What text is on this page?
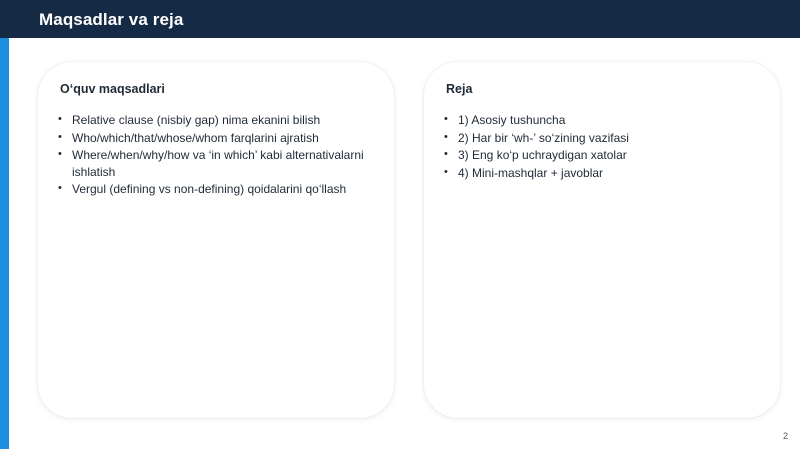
Maqsadlar va reja
O‘quv maqsadlari
• Relative clause (nisbiy gap) nima ekanini bilish
• Who/which/that/whose/whom farqlarini ajratish
• Where/when/why/how va ‘in which’ kabi alternativalarni ishlatish
• Vergul (defining vs non-defining) qoidalarini qo‘llash
Reja
• 1) Asosiy tushuncha
• 2) Har bir ‘wh-’ so‘zining vazifasi
• 3) Eng ko‘p uchraydigan xatolar
• 4) Mini-mashqlar + javoblar
2
